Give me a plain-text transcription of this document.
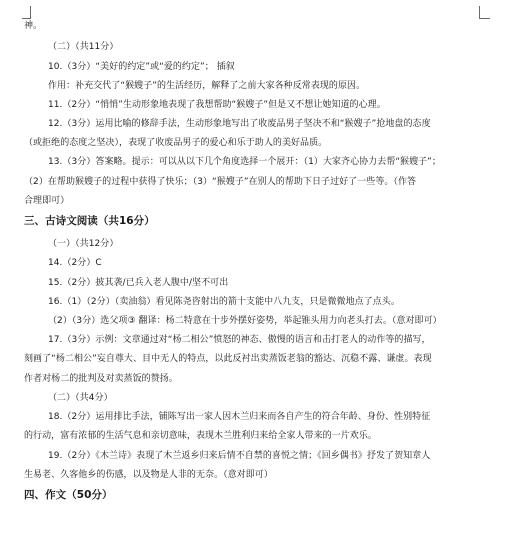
神。
（二）（共11分）
10.（3分）“美好的约定”或“爱的约定”； 插叙
作用：补充交代了“猴嫂子”的生活经历，解释了之前大家各种反常表现的原因。
11.（2分）“悄悄”生动形象地表现了我想帮助“猴嫂子”但是又不想让她知道的心理。
12.（3分）运用比喻的修辞手法，生动形象地写出了收废品男子坚决不和“猴嫂子”抢地盘的态度
（或拒绝的态度之坚决），表现了收废品男子的爱心和乐于助人的美好品质。
13.（3分）答案略。提示：可以从以下几个角度选择一个展开：（1）大家齐心协力去帮“猴嫂子”；
（2）在帮助猴嫂子的过程中获得了快乐；（3）“猴嫂子”在别人的帮助下日子过好了一些等。（作答
合理即可）
三、古诗文阅读（共16分）
（一）（共12分）
14.（2分）C
15.（2分）披其袭/已兵入老人腹中/坚不可出
16.（1）（2分）（卖油翁）看见陈尧咨射出的箭十支能中八九支，只是微微地点了点头。
（2）（3分）选父项③ 翻译：杨二特意在十步外摆好姿势，举起锥头用力向老头打去。（意对即可）
17.（3分）示例：文章通过对“杨二相公”愤怒的神态、傲慢的语言和击打老人的动作等的描写，
刻画了“杨二相公”妄自尊大、目中无人的特点，以此反衬出卖蒸饭老翁的豁达、沉稳不露、谦虚。表现
作者对杨二的批判及对卖蒸饭的赞扬。
（二）（共4分）
18.（2分）运用排比手法，铺陈写出一家人因木兰归来而各自产生的符合年龄、身份、性别特征
的行动，富有浓郁的生活气息和亲切意味，表现木兰胜利归来给全家人带来的一片欢乐。
19.（2分）《木兰诗》表现了木兰返乡归来后情不自禁的喜悦之情；《回乡偶书》抒发了贺知章人
生易老、久客他乡的伤感，以及物是人非的无奈。（意对即可）
四、作文（50分）
